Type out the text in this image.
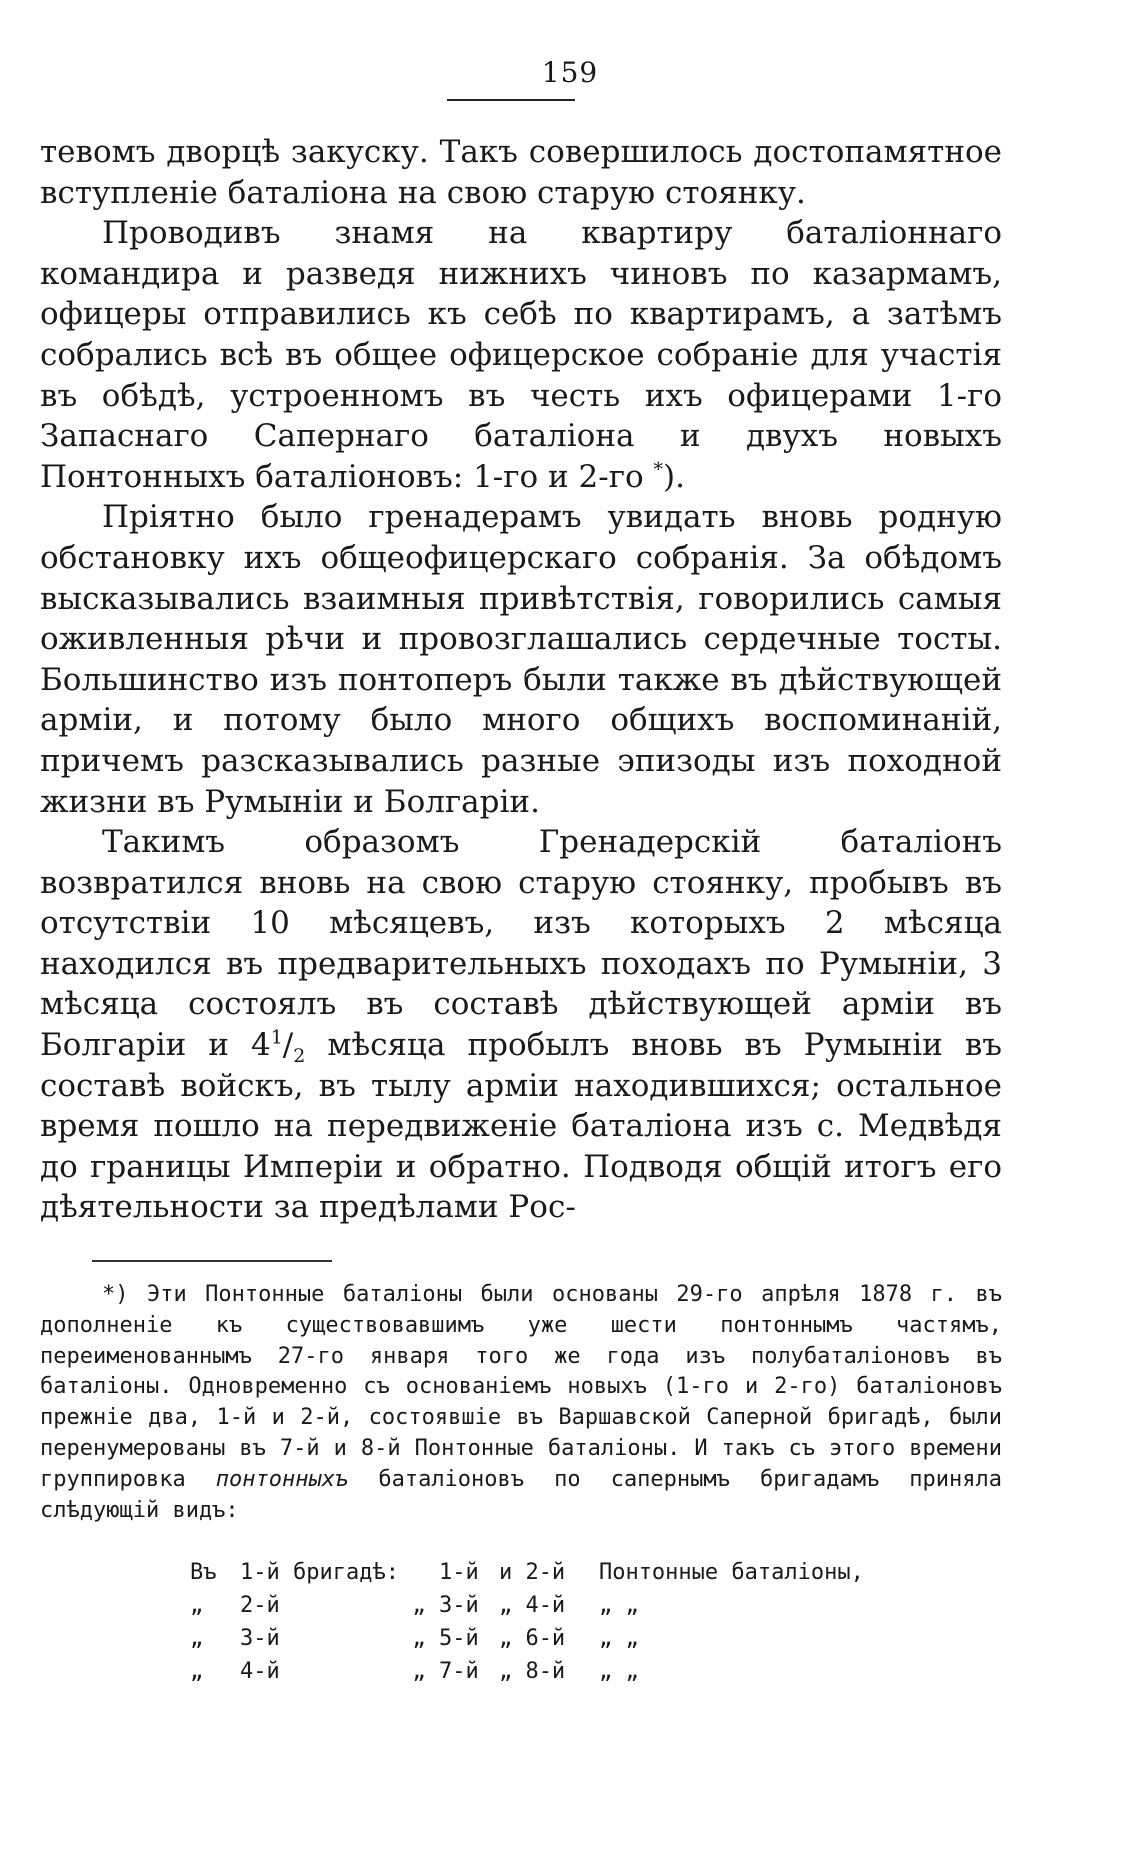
159

тевомъ дворцѣ закуску. Такъ совершилось достопамятное вступленіе баталіона на свою старую стоянку.

Проводивъ знамя на квартиру баталіоннаго командира и разведя нижнихъ чиновъ по казармамъ, офицеры отправились къ себѣ по квартирамъ, а затѣмъ собрались всѣ въ общее офицерское собраніе для участія въ обѣдѣ, устроенномъ въ честь ихъ офицерами 1-го Запаснаго Сапернаго баталіона и двухъ новыхъ Понтонныхъ баталіоновъ: 1-го и 2-го *).

Пріятно было гренадерамъ увидать вновь родную обстановку ихъ общеофицерскаго собранія. За обѣдомъ высказывались взаимныя привѣтствія, говорились самыя оживленныя рѣчи и провозглашались сердечные тосты. Большинство изъ понтоперъ были также въ дѣйствующей арміи, и потому было много общихъ воспоминаній, причемъ разсказывались разные эпизоды изъ походной жизни въ Румыніи и Болгаріи.

Такимъ образомъ Гренадерскій баталіонъ возвратился вновь на свою старую стоянку, пробывъ въ отсутствіи 10 мѣсяцевъ, изъ которыхъ 2 мѣсяца находился въ предварительныхъ походахъ по Румыніи, 3 мѣсяца состоялъ въ составѣ дѣйствующей арміи въ Болгаріи и $4^1/_2$ мѣсяца пробылъ вновь въ Румыніи въ составѣ войскъ, въ тылу арміи находившихся; остальное время пошло на передвиженіе баталіона изъ с. Медвѣдя до границы Имперіи и обратно. Подводя общій итогъ его дѣятельности за предѣлами Рос-

*) Эти Понтонные баталіоны были основаны 29-го апрѣля 1878 г. въ дополненіе къ существовавшимъ уже шести понтоннымъ частямъ, переименованнымъ 27-го января того же года изъ полубаталіоновъ въ баталіоны. Одновременно съ основаніемъ новыхъ (1-го и 2-го) баталіоновъ прежніе два, 1-й и 2-й, состоявшіе въ Варшавской Саперной бригадѣ, были перенумерованы въ 7-й и 8-й Понтонные баталіоны. И такъ съ этого времени группировка понтонныхъ баталіоновъ по сапернымъ бригадамъ приняла слѣдующій видъ:

Въ	1-й бригадѣ:		1-й	и 2-й	Понтонные баталіоны,
„	2-й	„	3-й	„ 4-й	„ „
„	3-й	„	5-й	„ 6-й	„ „
„	4-й	„	7-й	„ 8-й	„ „
